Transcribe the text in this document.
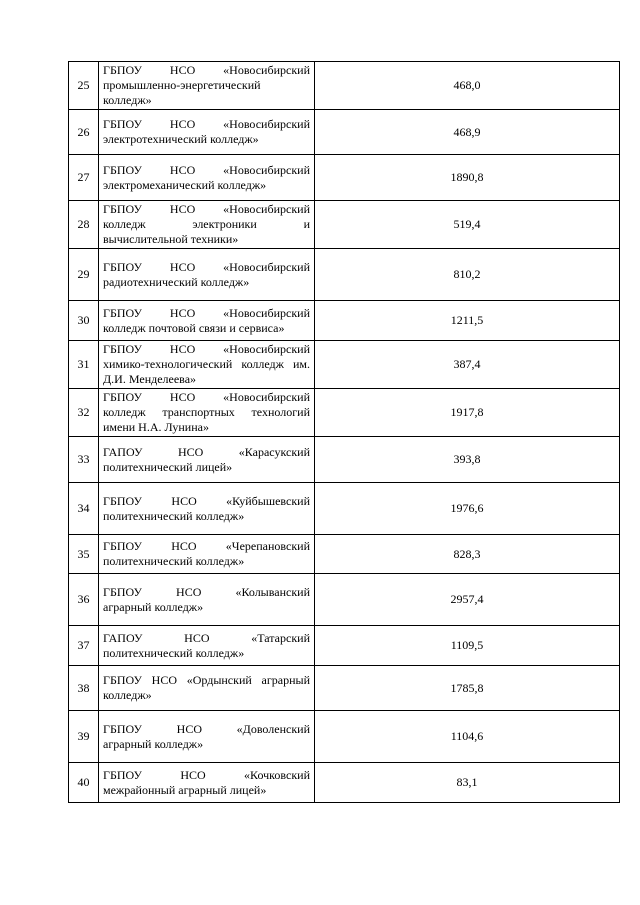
25	ГБПОУ НСО «Новосибирский
промышленно-энергетический колледж»	468,0
26	ГБПОУ НСО «Новосибирский
электротехнический колледж»	468,9
27	ГБПОУ НСО «Новосибирский
электромеханический колледж»	1890,8
28	ГБПОУ НСО «Новосибирский
колледж электроники и вычислительной техники»	519,4
29	ГБПОУ НСО «Новосибирский
радиотехнический колледж»	810,2
30	ГБПОУ НСО «Новосибирский
колледж почтовой связи и сервиса»	1211,5
31	ГБПОУ НСО «Новосибирский
химико-технологический колледж им. Д.И. Менделеева»	387,4
32	ГБПОУ НСО «Новосибирский
колледж транспортных технологий имени Н.А. Лунина»	1917,8
33	ГАПОУ НСО «Карасукский
политехнический лицей»	393,8
34	ГБПОУ НСО «Куйбышевский
политехнический колледж»	1976,6
35	ГБПОУ НСО «Черепановский
политехнический колледж»	828,3
36	ГБПОУ НСО «Колыванский
аграрный колледж»	2957,4
37	ГАПОУ НСО «Татарский
политехнический колледж»	1109,5
38	ГБПОУ НСО «Ордынский аграрный
колледж»	1785,8
39	ГБПОУ НСО «Доволенский
аграрный колледж»	1104,6
40	ГБПОУ НСО «Кочковский
межрайонный аграрный лицей»	83,1
